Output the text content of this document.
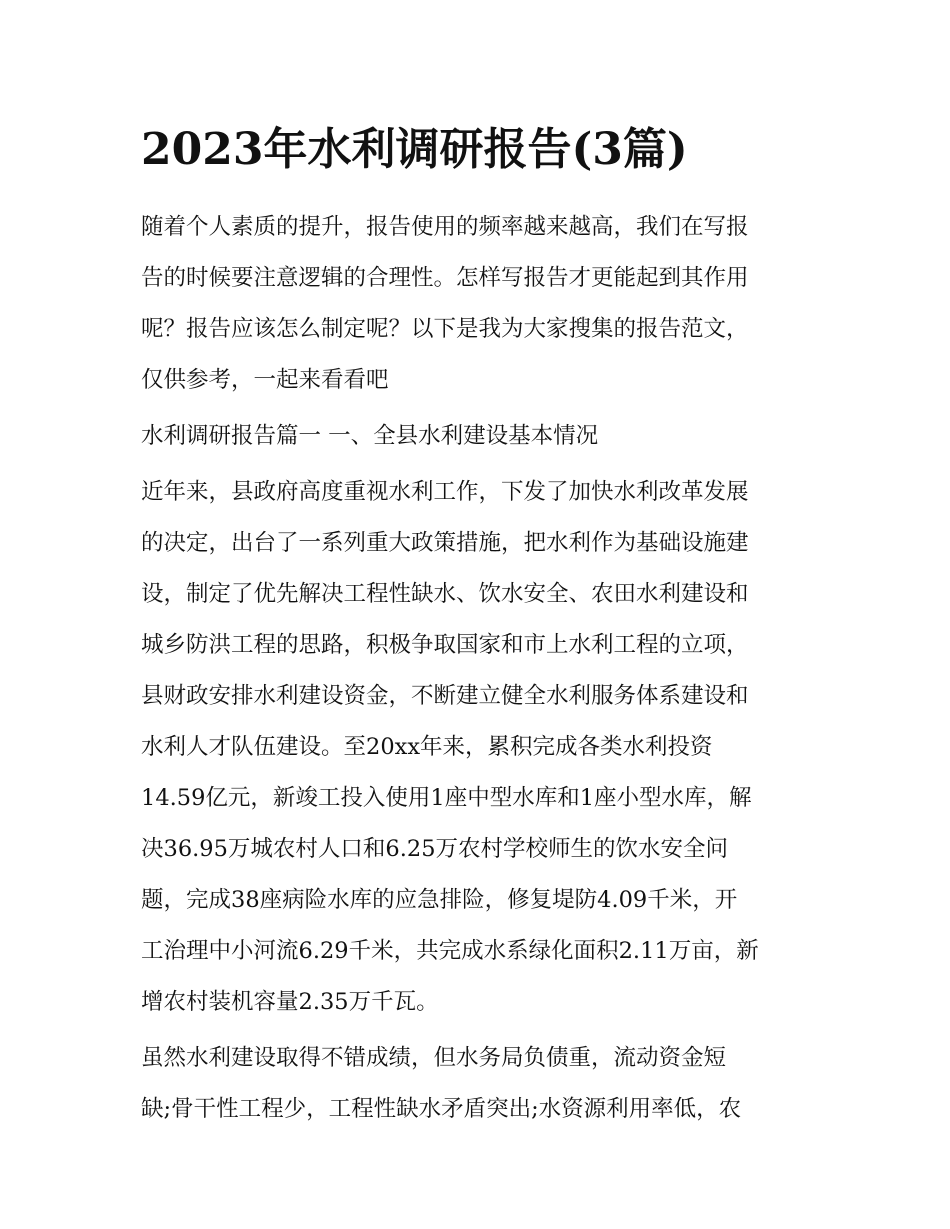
2023年水利调研报告(3篇)
随着个人素质的提升，报告使用的频率越来越高，我们在写报
告的时候要注意逻辑的合理性。怎样写报告才更能起到其作用
呢？报告应该怎么制定呢？以下是我为大家搜集的报告范文，
仅供参考，一起来看看吧
水利调研报告篇一 一、全县水利建设基本情况
近年来，县政府高度重视水利工作，下发了加快水利改革发展
的决定，出台了一系列重大政策措施，把水利作为基础设施建
设，制定了优先解决工程性缺水、饮水安全、农田水利建设和
城乡防洪工程的思路，积极争取国家和市上水利工程的立项，
县财政安排水利建设资金，不断建立健全水利服务体系建设和
水利人才队伍建设。至20xx年来，累积完成各类水利投资
14.59亿元，新竣工投入使用1座中型水库和1座小型水库，解
决36.95万城农村人口和6.25万农村学校师生的饮水安全问
题，完成38座病险水库的应急排险，修复堤防4.09千米，开
工治理中小河流6.29千米，共完成水系绿化面积2.11万亩，新
增农村装机容量2.35万千瓦。
虽然水利建设取得不错成绩，但水务局负债重，流动资金短
缺;骨干性工程少，工程性缺水矛盾突出;水资源利用率低，农
